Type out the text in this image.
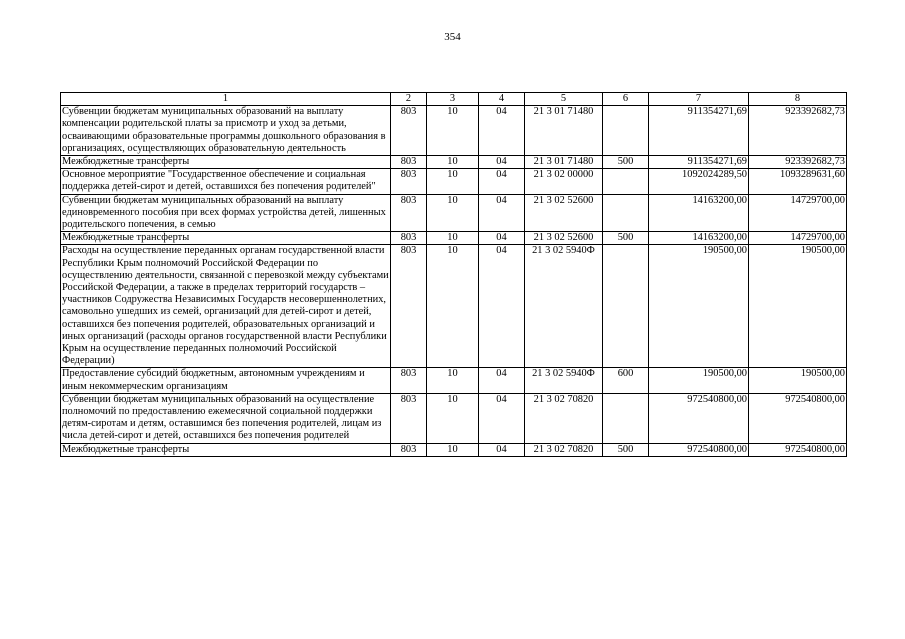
354
1	2	3	4	5	6	7	8
Субвенции бюджетам муниципальных образований на выплату компенсации родительской платы за присмотр и уход за детьми, осваивающими образовательные программы дошкольного образования в организациях, осуществляющих образовательную деятельность	803	10	04	21 3 01 71480		911354271,69	923392682,73
Межбюджетные трансферты	803	10	04	21 3 01 71480	500	911354271,69	923392682,73
Основное мероприятие "Государственное обеспечение и социальная поддержка детей-сирот и детей, оставшихся без попечения родителей"	803	10	04	21 3 02 00000		1092024289,50	1093289631,60
Субвенции бюджетам муниципальных образований на выплату единовременного пособия при всех формах устройства детей, лишенных родительского попечения, в семью	803	10	04	21 3 02 52600		14163200,00	14729700,00
Межбюджетные трансферты	803	10	04	21 3 02 52600	500	14163200,00	14729700,00
Расходы на осуществление переданных органам государственной власти Республики Крым полномочий Российской Федерации по осуществлению деятельности, связанной с перевозкой между субъектами Российской Федерации, а также в пределах территорий государств – участников Содружества Независимых Государств несовершеннолетних, самовольно ушедших из семей, организаций для детей-сирот и детей, оставшихся без попечения родителей, образовательных организаций и иных организаций (расходы органов государственной власти Республики Крым на осуществление переданных полномочий Российской Федерации)	803	10	04	21 3 02 5940Ф		190500,00	190500,00
Предоставление субсидий бюджетным, автономным учреждениям и иным некоммерческим организациям	803	10	04	21 3 02 5940Ф	600	190500,00	190500,00
Субвенции бюджетам муниципальных образований на осуществление полномочий по предоставлению ежемесячной социальной поддержки детям-сиротам и детям, оставшимся без попечения родителей, лицам из числа детей-сирот и детей, оставшихся без попечения родителей	803	10	04	21 3 02 70820		972540800,00	972540800,00
Межбюджетные трансферты	803	10	04	21 3 02 70820	500	972540800,00	972540800,00
